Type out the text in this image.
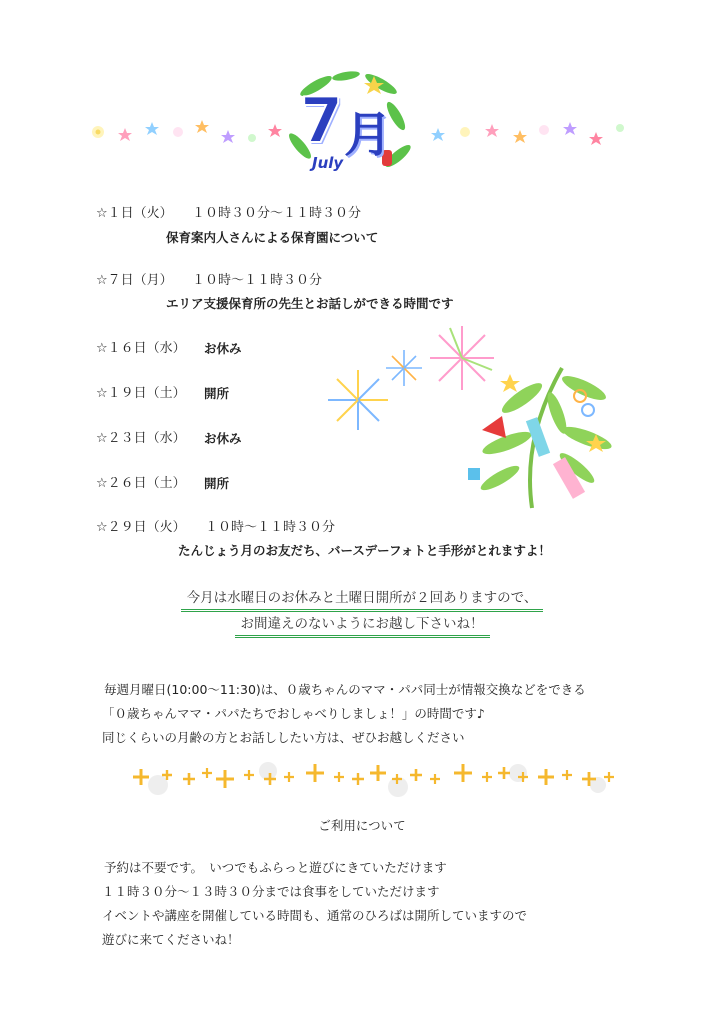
7 月
July
☆１日（火） １０時３０分～１１時３０分
保育案内人さんによる保育園について
☆７日（月） １０時～１１時３０分
エリア支援保育所の先生とお話しができる時間です
☆１６日（水） お休み
☆１９日（土） 開所
☆２３日（水） お休み
☆２６日（土） 開所
☆２９日（火） １０時～１１時３０分
たんじょう月のお友だち、バースデーフォトと手形がとれますよ！
今月は水曜日のお休みと土曜日開所が２回ありますので、
お間違えのないようにお越し下さいね！
毎週月曜日(10:00～11:30)は、０歳ちゃんのママ・パパ同士が情報交換などをできる
「０歳ちゃんママ・パパたちでおしゃべりしましょ！」の時間です♪
同じくらいの月齢の方とお話ししたい方は、ぜひお越しください
ご利用について
予約は不要です。　いつでもふらっと遊びにきていただけます
１１時３０分～１３時３０分までは食事をしていただけます
イベントや講座を開催している時間も、通常のひろばは開所していますので
遊びに来てくださいね！
